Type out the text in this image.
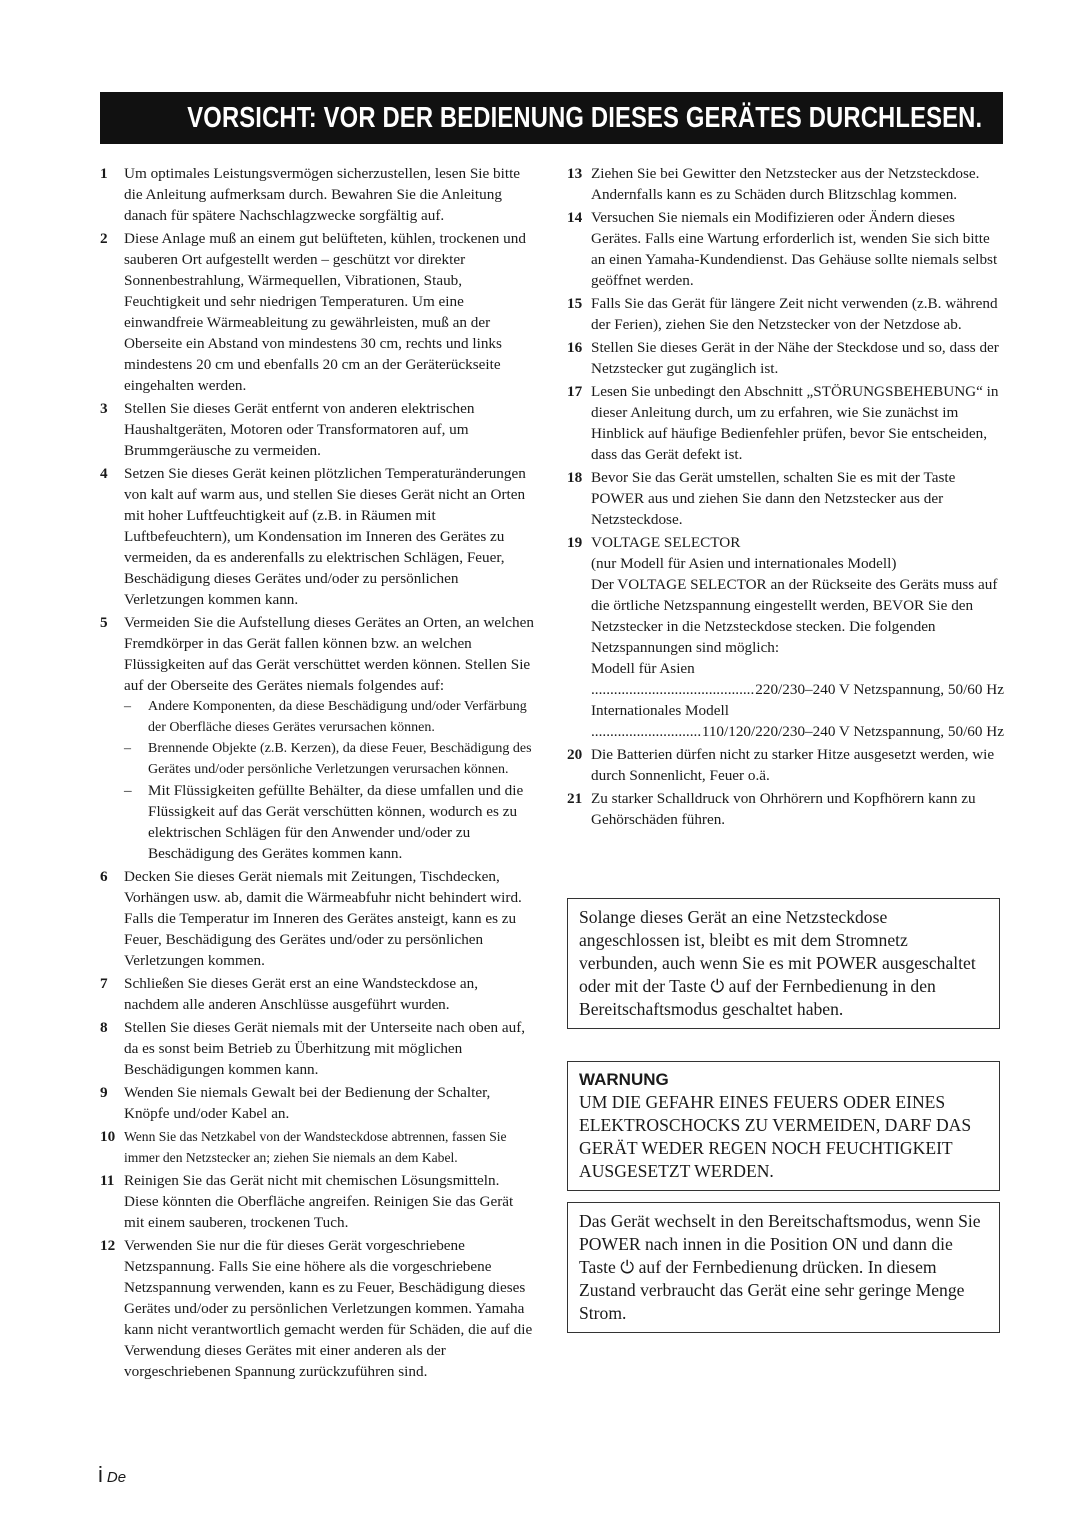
VORSICHT: VOR DER BEDIENUNG DIESES GERÄTES DURCHLESEN.
1 Um optimales Leistungsvermögen sicherzustellen, lesen Sie bitte die Anleitung aufmerksam durch. Bewahren Sie die Anleitung danach für spätere Nachschlagzwecke sorgfältig auf.
2 Diese Anlage muß an einem gut belüfteten, kühlen, trockenen und sauberen Ort aufgestellt werden – geschützt vor direkter Sonnenbestrahlung, Wärmequellen, Vibrationen, Staub, Feuchtigkeit und sehr niedrigen Temperaturen. Um eine einwandfreie Wärmeableitung zu gewährleisten, muß an der Oberseite ein Abstand von mindestens 30 cm, rechts und links mindestens 20 cm und ebenfalls 20 cm an der Geräterückseite eingehalten werden.
3 Stellen Sie dieses Gerät entfernt von anderen elektrischen Haushaltgeräten, Motoren oder Transformatoren auf, um Brummgeräusche zu vermeiden.
4 Setzen Sie dieses Gerät keinen plötzlichen Temperaturänderungen von kalt auf warm aus, und stellen Sie dieses Gerät nicht an Orten mit hoher Luftfeuchtigkeit auf (z.B. in Räumen mit Luftbefeuchtern), um Kondensation im Inneren des Gerätes zu vermeiden, da es anderenfalls zu elektrischen Schlägen, Feuer, Beschädigung dieses Gerätes und/oder zu persönlichen Verletzungen kommen kann.
5 Vermeiden Sie die Aufstellung dieses Gerätes an Orten, an welchen Fremdkörper in das Gerät fallen können bzw. an welchen Flüssigkeiten auf das Gerät verschüttet werden können. Stellen Sie auf der Oberseite des Gerätes niemals folgendes auf:
– Andere Komponenten, da diese Beschädigung und/oder Verfärbung der Oberfläche dieses Gerätes verursachen können.
– Brennende Objekte (z.B. Kerzen), da diese Feuer, Beschädigung des Gerätes und/oder persönliche Verletzungen verursachen können.
– Mit Flüssigkeiten gefüllte Behälter, da diese umfallen und die Flüssigkeit auf das Gerät verschütten können, wodurch es zu elektrischen Schlägen für den Anwender und/oder zu Beschädigung des Gerätes kommen kann.
6 Decken Sie dieses Gerät niemals mit Zeitungen, Tischdecken, Vorhängen usw. ab, damit die Wärmeabfuhr nicht behindert wird. Falls die Temperatur im Inneren des Gerätes ansteigt, kann es zu Feuer, Beschädigung des Gerätes und/oder zu persönlichen Verletzungen kommen.
7 Schließen Sie dieses Gerät erst an eine Wandsteckdose an, nachdem alle anderen Anschlüsse ausgeführt wurden.
8 Stellen Sie dieses Gerät niemals mit der Unterseite nach oben auf, da es sonst beim Betrieb zu Überhitzung mit möglichen Beschädigungen kommen kann.
9 Wenden Sie niemals Gewalt bei der Bedienung der Schalter, Knöpfe und/oder Kabel an.
10 Wenn Sie das Netzkabel von der Wandsteckdose abtrennen, fassen Sie immer den Netzstecker an; ziehen Sie niemals an dem Kabel.
11 Reinigen Sie das Gerät nicht mit chemischen Lösungsmitteln. Diese könnten die Oberfläche angreifen. Reinigen Sie das Gerät mit einem sauberen, trockenen Tuch.
12 Verwenden Sie nur die für dieses Gerät vorgeschriebene Netzspannung. Falls Sie eine höhere als die vorgeschriebene Netzspannung verwenden, kann es zu Feuer, Beschädigung dieses Gerätes und/oder zu persönlichen Verletzungen kommen. Yamaha kann nicht verantwortlich gemacht werden für Schäden, die auf die Verwendung dieses Gerätes mit einer anderen als der vorgeschriebenen Spannung zurückzuführen sind.
13 Ziehen Sie bei Gewitter den Netzstecker aus der Netzsteckdose. Andernfalls kann es zu Schäden durch Blitzschlag kommen.
14 Versuchen Sie niemals ein Modifizieren oder Ändern dieses Gerätes. Falls eine Wartung erforderlich ist, wenden Sie sich bitte an einen Yamaha-Kundendienst. Das Gehäuse sollte niemals selbst geöffnet werden.
15 Falls Sie das Gerät für längere Zeit nicht verwenden (z.B. während der Ferien), ziehen Sie den Netzstecker von der Netzdose ab.
16 Stellen Sie dieses Gerät in der Nähe der Steckdose und so, dass der Netzstecker gut zugänglich ist.
17 Lesen Sie unbedingt den Abschnitt „STÖRUNGSBEHEBUNG“ in dieser Anleitung durch, um zu erfahren, wie Sie zunächst im Hinblick auf häufige Bedienfehler prüfen, bevor Sie entscheiden, dass das Gerät defekt ist.
18 Bevor Sie das Gerät umstellen, schalten Sie es mit der Taste POWER aus und ziehen Sie dann den Netzstecker aus der Netzsteckdose.
19 VOLTAGE SELECTOR

(nur Modell für Asien und internationales Modell)

Der VOLTAGE SELECTOR an der Rückseite des Geräts muss auf die örtliche Netzspannung eingestellt werden, BEVOR Sie den Netzstecker in die Netzsteckdose stecken. Die folgenden Netzspannungen sind möglich:

Modell für Asien

.....
220/230–240 V Netzspannung, 50/60 Hz

Internationales Modell

.....
110/120/220/230–240 V Netzspannung, 50/60 Hz
20 Die Batterien dürfen nicht zu starker Hitze ausgesetzt werden, wie durch Sonnenlicht, Feuer o.ä.
21 Zu starker Schalldruck von Ohrhörern und Kopfhörern kann zu Gehörschäden führen.
Solange dieses Gerät an eine Netzsteckdose angeschlossen ist, bleibt es mit dem Stromnetz verbunden, auch wenn Sie es mit POWER ausgeschaltet oder mit der Taste ⏻ auf der Fernbedienung in den Bereitschaftsmodus geschaltet haben.
WARNUNG
UM DIE GEFAHR EINES FEUERS ODER EINES ELEKTROSCHOCKS ZU VERMEIDEN, DARF DAS GERÄT WEDER REGEN NOCH FEUCHTIGKEIT AUSGESETZT WERDEN.
Das Gerät wechselt in den Bereitschaftsmodus, wenn Sie POWER nach innen in die Position ON und dann die Taste ⏻ auf der Fernbedienung drücken. In diesem Zustand verbraucht das Gerät eine sehr geringe Menge Strom.
i De
